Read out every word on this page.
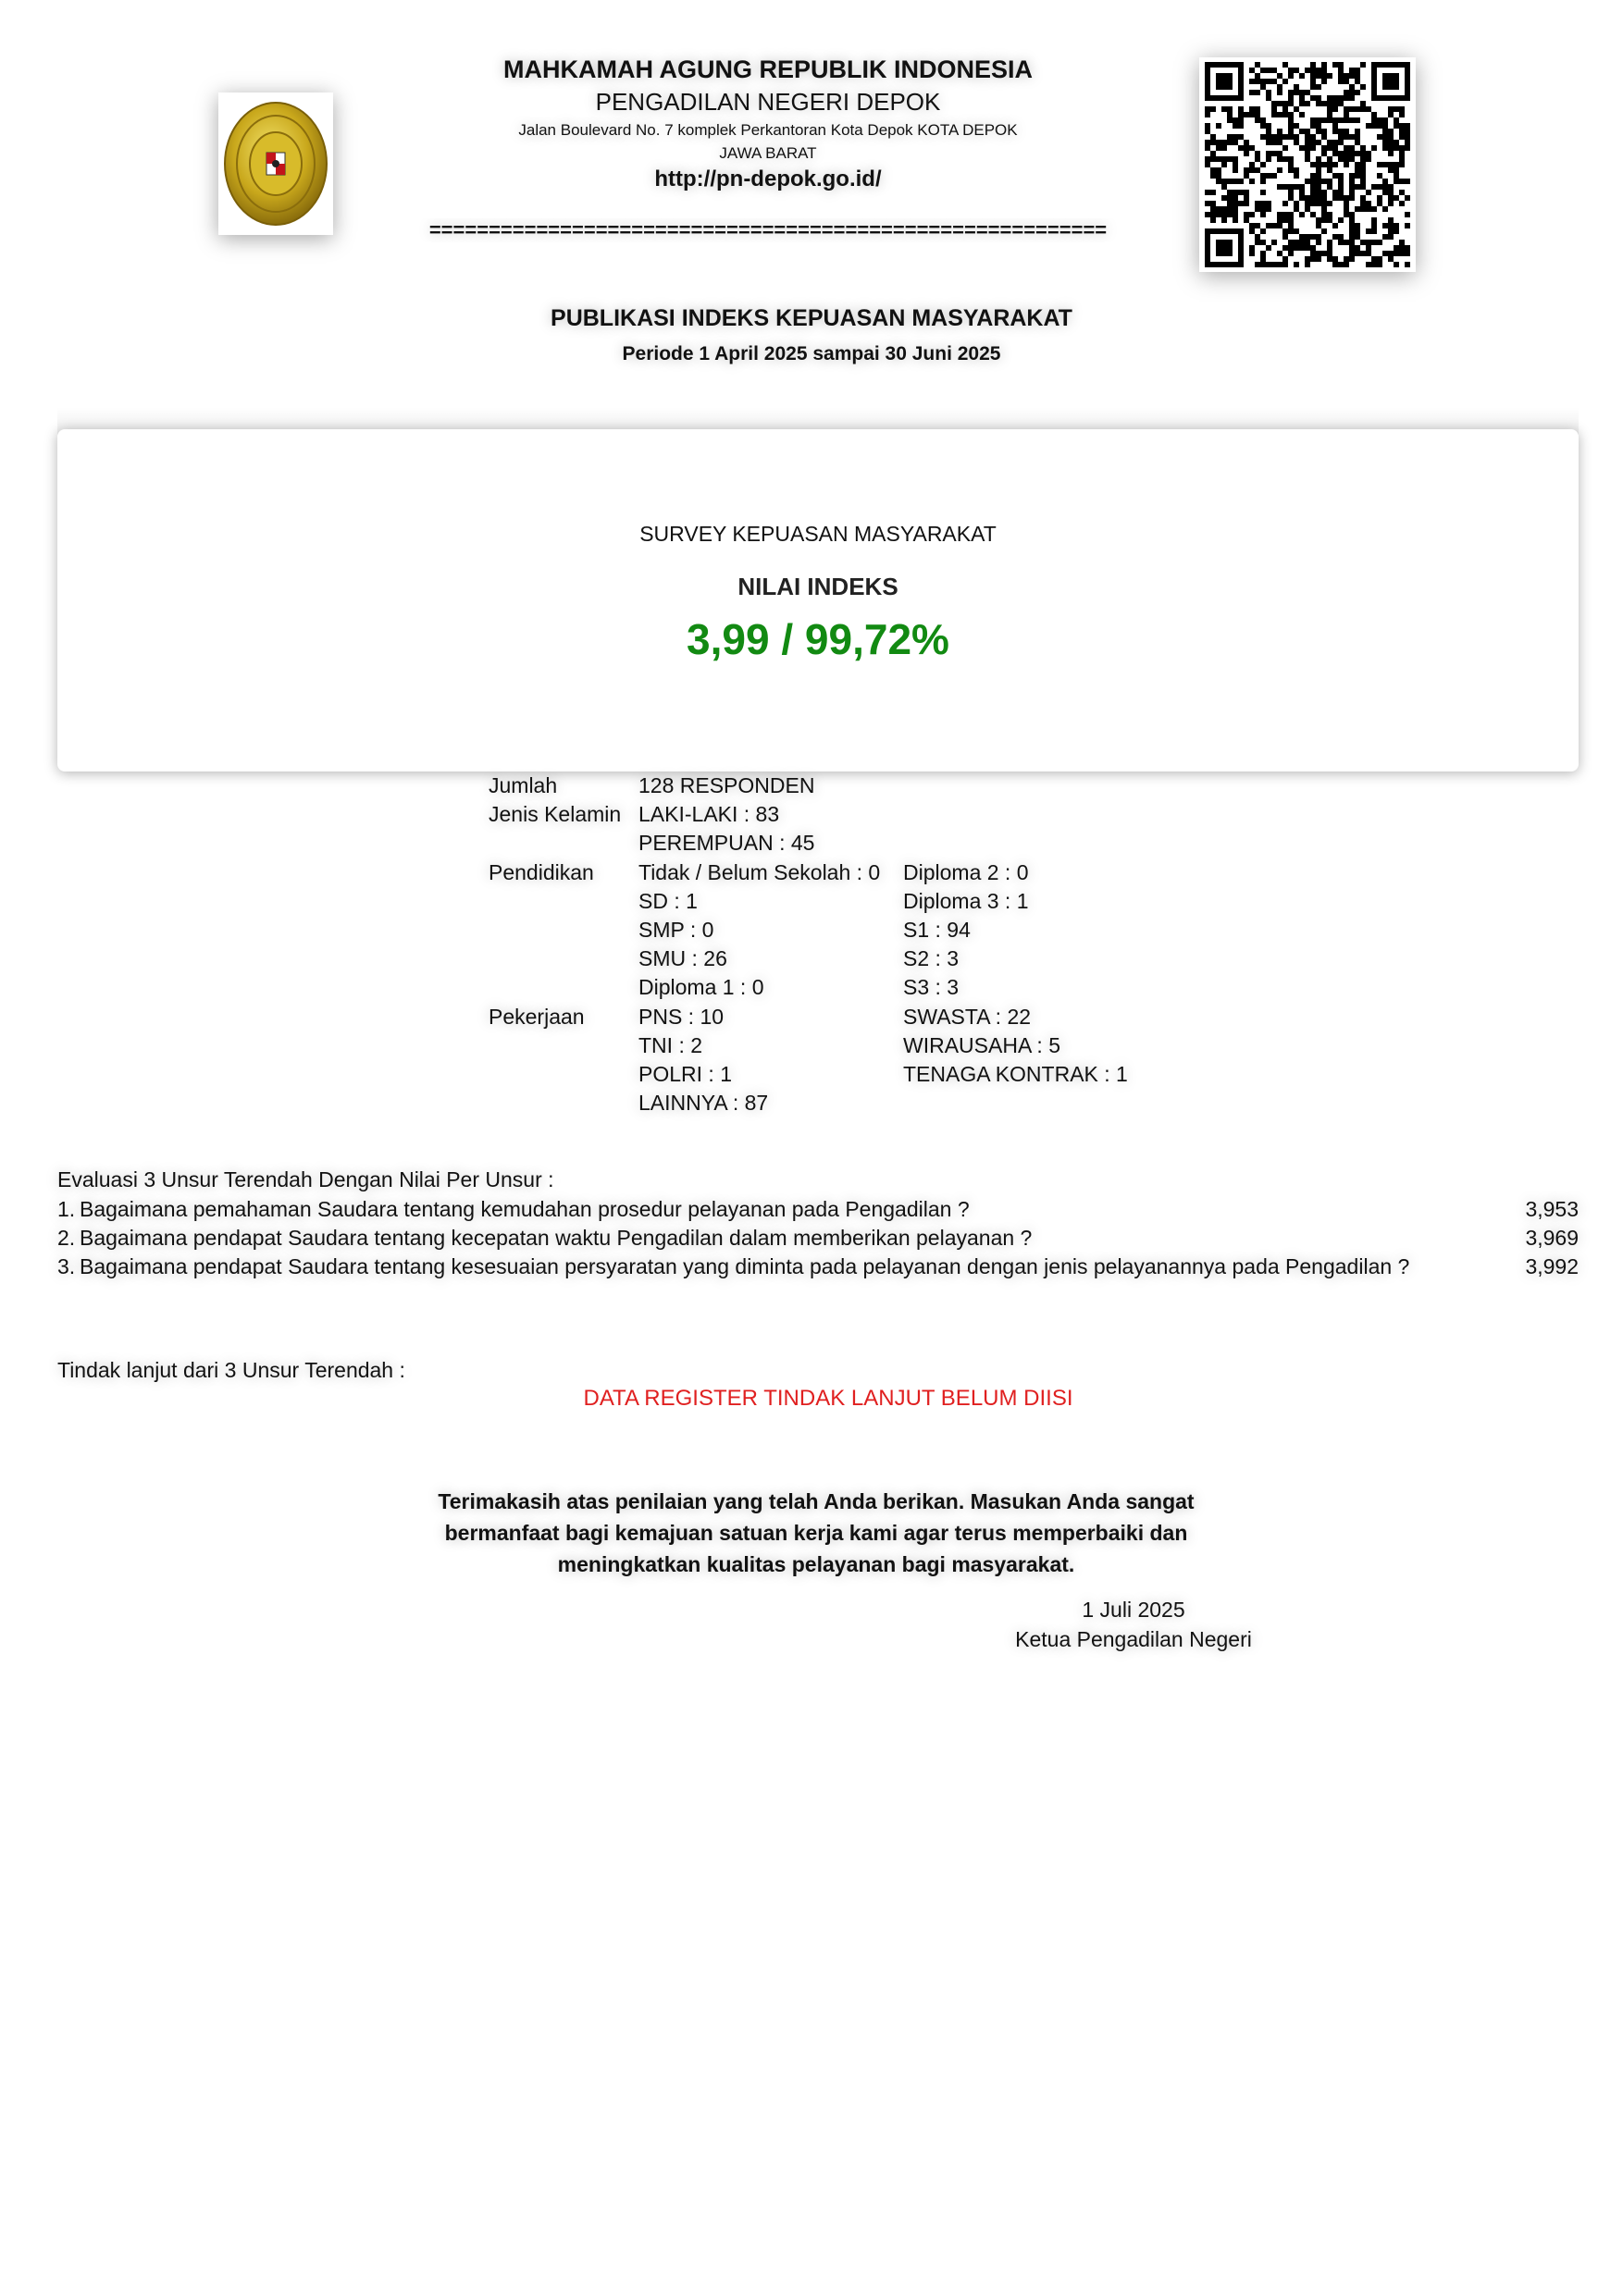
MAHKAMAH AGUNG REPUBLIK INDONESIA
PENGADILAN NEGERI DEPOK
Jalan Boulevard No. 7 komplek Perkantoran Kota Depok KOTA DEPOK
JAWA BARAT
http://pn-depok.go.id/
=========================================================
PUBLIKASI INDEKS KEPUASAN MASYARAKAT
Periode 1 April 2025 sampai 30 Juni 2025
SURVEY KEPUASAN MASYARAKAT
NILAI INDEKS
3,99 / 99,72%
Jumlah	128 RESPONDEN	
Jenis Kelamin	LAKI-LAKI : 83	
	PEREMPUAN : 45	
Pendidikan	Tidak / Belum Sekolah : 0	Diploma 2 : 0
	SD : 1	Diploma 3 : 1
	SMP : 0	S1 : 94
	SMU : 26	S2 : 3
	Diploma 1 : 0	S3 : 3
Pekerjaan	PNS : 10	SWASTA : 22
	TNI : 2	WIRAUSAHA : 5
	POLRI : 1	TENAGA KONTRAK : 1
	LAINNYA : 87	
Evaluasi 3 Unsur Terendah Dengan Nilai Per Unsur :
1. Bagaimana pemahaman Saudara tentang kemudahan prosedur pelayanan pada Pengadilan ?	3,953
2. Bagaimana pendapat Saudara tentang kecepatan waktu Pengadilan dalam memberikan pelayanan ?	3,969
3. Bagaimana pendapat Saudara tentang kesesuaian persyaratan yang diminta pada pelayanan dengan jenis pelayanannya pada Pengadilan ?	3,992
Tindak lanjut dari 3 Unsur Terendah :
DATA REGISTER TINDAK LANJUT BELUM DIISI
Terimakasih atas penilaian yang telah Anda berikan. Masukan Anda sangat
bermanfaat bagi kemajuan satuan kerja kami agar terus memperbaiki dan
meningkatkan kualitas pelayanan bagi masyarakat.
1 Juli 2025
Ketua Pengadilan Negeri
